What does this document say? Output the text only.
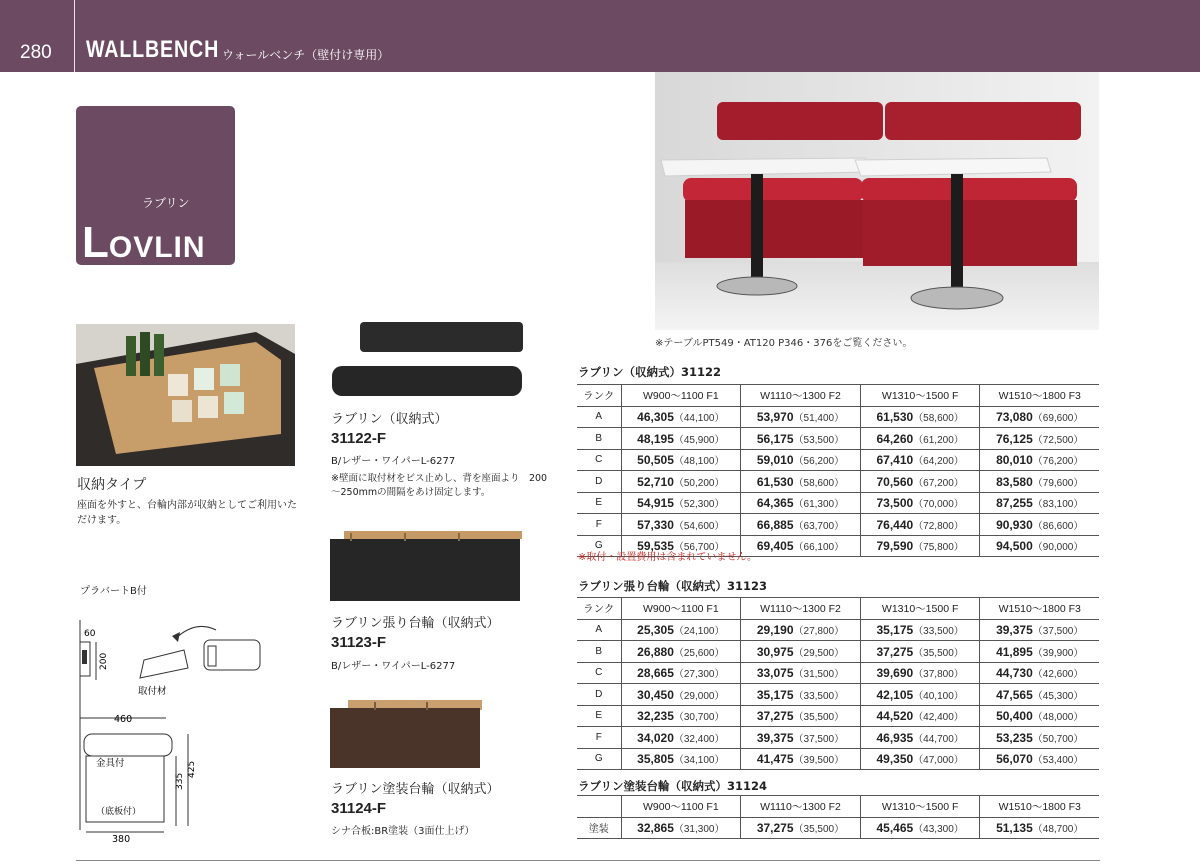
280 WALLBENCH ウォールベンチ（壁付け専用）
ラブリン
LOVLIN
※テーブルPT549・AT120 P346・376をご覧ください。
収納タイプ
座面を外すと、台輪内部が収納としてご利用いただけます。
ラブリン（収納式）
31122-F
B/レザー・ワイパーL-6277
※壁面に取付材をビス止めし、背を座面より　200～250mmの間隔をあけ固定します。
ラブリン張り台輪（収納式）
31123-F
B/レザー・ワイパーL-6277
ラブリン塗装台輪（収納式）
31124-F
シナ合板:BR塗装（3面仕上げ）
ラブリン（収納式）31122
ランク	W900～1100 F1	W1110～1300 F2	W1310～1500 F	W1510～1800 F3
A	46,305（44,100）	53,970（51,400）	61,530（58,600）	73,080（69,600）
B	48,195（45,900）	56,175（53,500）	64,260（61,200）	76,125（72,500）
C	50,505（48,100）	59,010（56,200）	67,410（64,200）	80,010（76,200）
D	52,710（50,200）	61,530（58,600）	70,560（67,200）	83,580（79,600）
E	54,915（52,300）	64,365（61,300）	73,500（70,000）	87,255（83,100）
F	57,330（54,600）	66,885（63,700）	76,440（72,800）	90,930（86,600）
G	59,535（56,700）	69,405（66,100）	79,590（75,800）	94,500（90,000）
※取付・設置費用は含まれていません。
ラブリン張り台輪（収納式）31123
ランク	W900～1100 F1	W1110～1300 F2	W1310～1500 F	W1510～1800 F3
A	25,305（24,100）	29,190（27,800）	35,175（33,500）	39,375（37,500）
B	26,880（25,600）	30,975（29,500）	37,275（35,500）	41,895（39,900）
C	28,665（27,300）	33,075（31,500）	39,690（37,800）	44,730（42,600）
D	30,450（29,000）	35,175（33,500）	42,105（40,100）	47,565（45,300）
E	32,235（30,700）	37,275（35,500）	44,520（42,400）	50,400（48,000）
F	34,020（32,400）	39,375（37,500）	46,935（44,700）	53,235（50,700）
G	35,805（34,100）	41,475（39,500）	49,350（47,000）	56,070（53,400）
ラブリン塗装台輪（収納式）31124
	W900～1100 F1	W1110～1300 F2	W1310～1500 F	W1510～1800 F3
塗装	32,865（31,300）	37,275（35,500）	45,465（43,300）	51,135（48,700）
プラバートB付
60
200
取付材
460
金具付
（底板付）
335
425
380
